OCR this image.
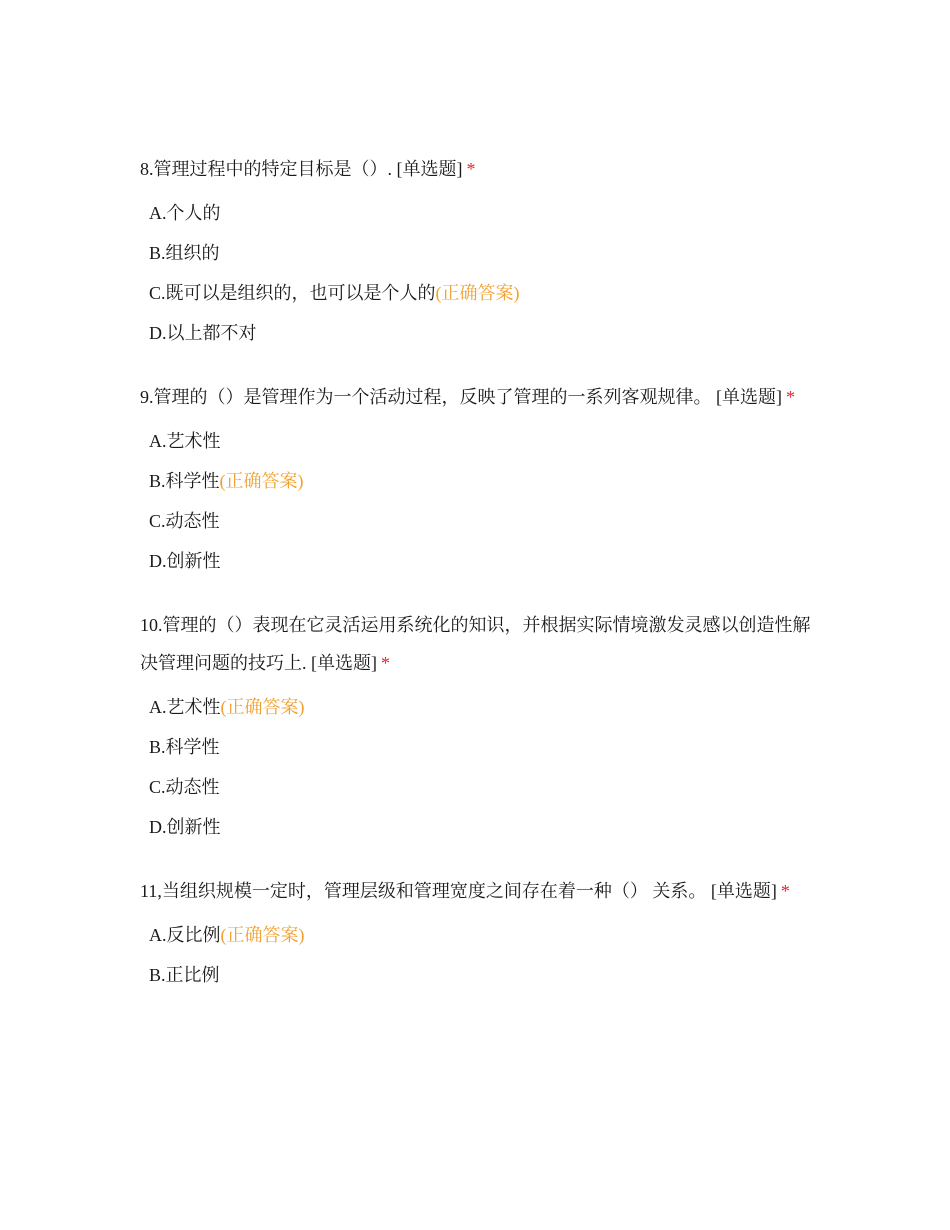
8.管理过程中的特定目标是（）. [单选题] *
A.个人的
B.组织的
C.既可以是组织的，也可以是个人的(正确答案)
D.以上都不对
9.管理的（）是管理作为一个活动过程，反映了管理的一系列客观规律。 [单选题] *
A.艺术性
B.科学性(正确答案)
C.动态性
D.创新性
10.管理的（）表现在它灵活运用系统化的知识，并根据实际情境激发灵感以创造性解决管理问题的技巧上. [单选题] *
A.艺术性(正确答案)
B.科学性
C.动态性
D.创新性
11,当组织规模一定时，管理层级和管理宽度之间存在着一种（） 关系。 [单选题] *
A.反比例(正确答案)
B.正比例
